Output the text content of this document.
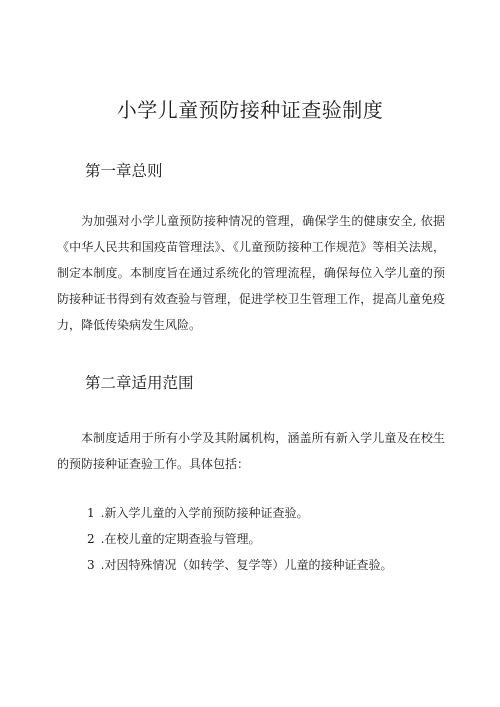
小学儿童预防接种证查验制度
第一章总则

为加强对小学儿童预防接种情况的管理，确保学生的健康安全, 依据《中华人民共和国疫苗管理法》、《儿童预防接种工作规范》等相关法规，制定本制度。本制度旨在通过系统化的管理流程，确保每位入学儿童的预防接种证书得到有效查验与管理，促进学校卫生管理工作，提高儿童免疫力，降低传染病发生风险。

第二章适用范围

本制度适用于所有小学及其附属机构，涵盖所有新入学儿童及在校生的预防接种证查验工作。具体包括：

1 .新入学儿童的入学前预防接种证查验。
2 .在校儿童的定期查验与管理。
3 .对因特殊情况（如转学、复学等）儿童的接种证查验。
